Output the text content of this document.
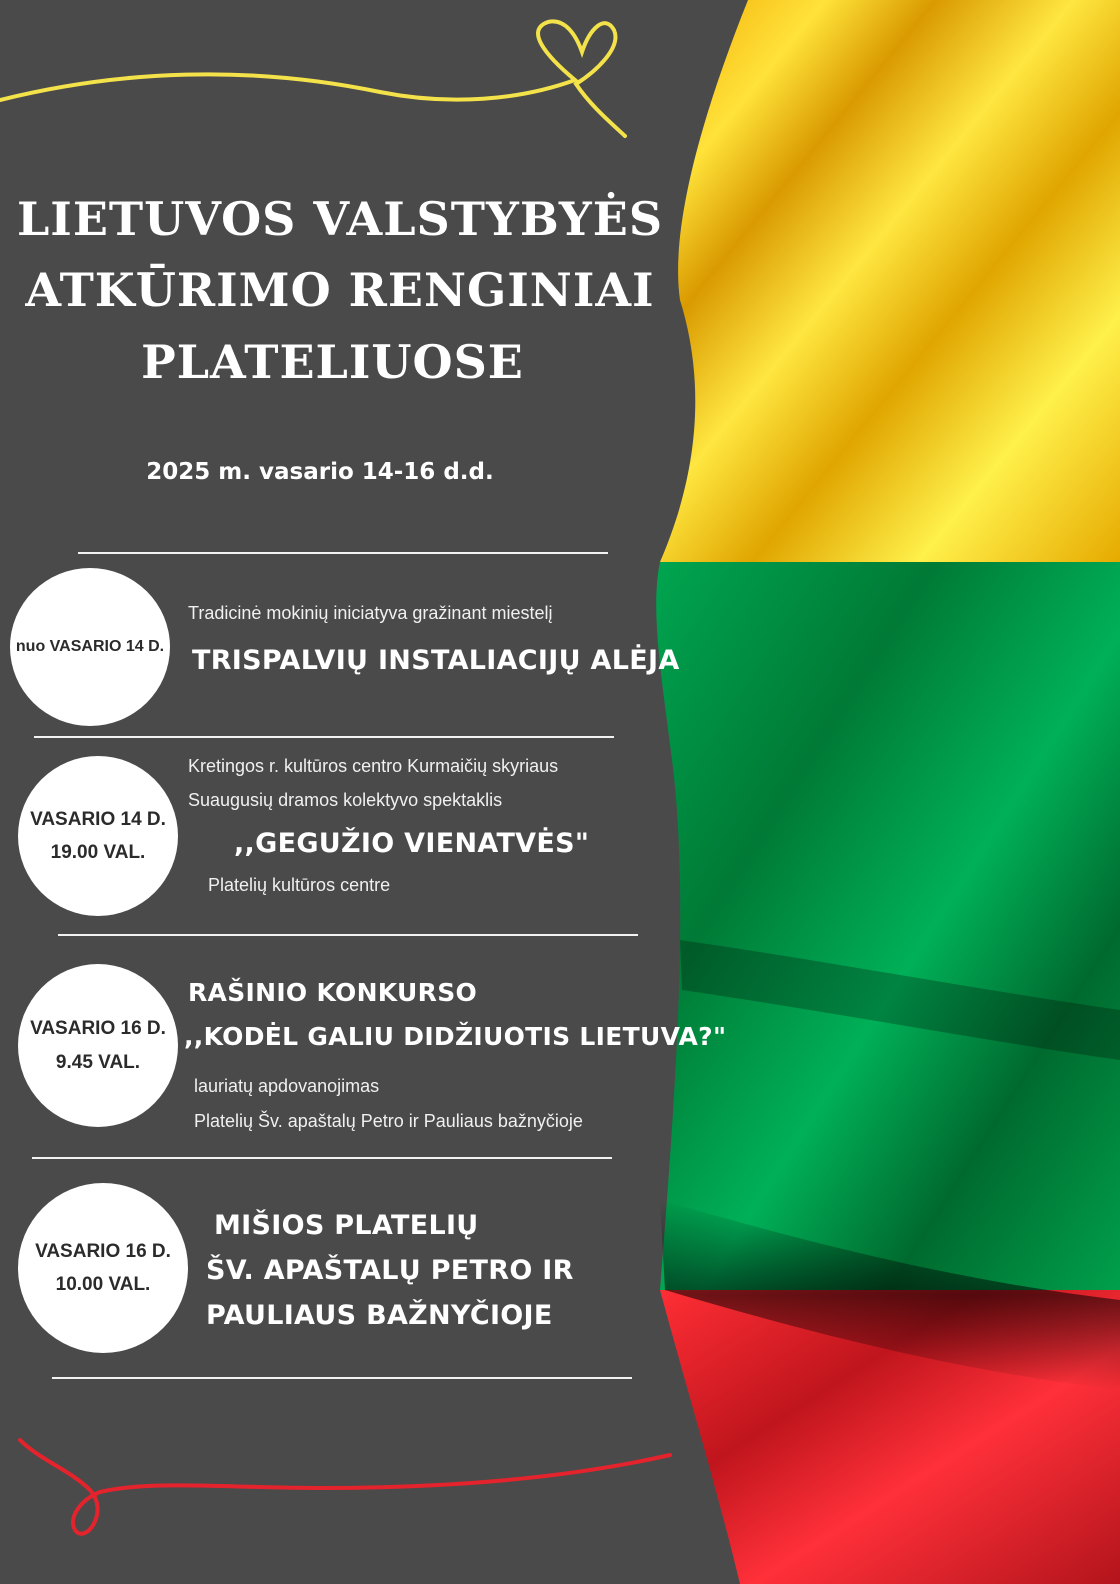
LIETUVOS VALSTYBYĖS
ATKŪRIMO RENGINIAI
PLATELIUOSE
2025 m. vasario 14-16 d.d.
nuo VASARIO 14 D.
Tradicinė mokinių iniciatyva gražinant miestelį
TRISPALVIŲ INSTALIACIJŲ ALĖJA
VASARIO 14 D.
19.00 VAL.
Kretingos r. kultūros centro Kurmaičių skyriaus
Suaugusių dramos kolektyvo spektaklis
,,GEGUŽIO VIENATVĖS"
Platelių kultūros centre
VASARIO 16 D.
9.45 VAL.
RAŠINIO KONKURSO
,,KODĖL GALIU DIDŽIUOTIS LIETUVA?"
lauriatų apdovanojimas
Platelių Šv. apaštalų Petro ir Pauliaus bažnyčioje
VASARIO 16 D.
10.00 VAL.
MIŠIOS PLATELIŲ
ŠV. APAŠTALŲ PETRO IR
PAULIAUS BAŽNYČIOJE
